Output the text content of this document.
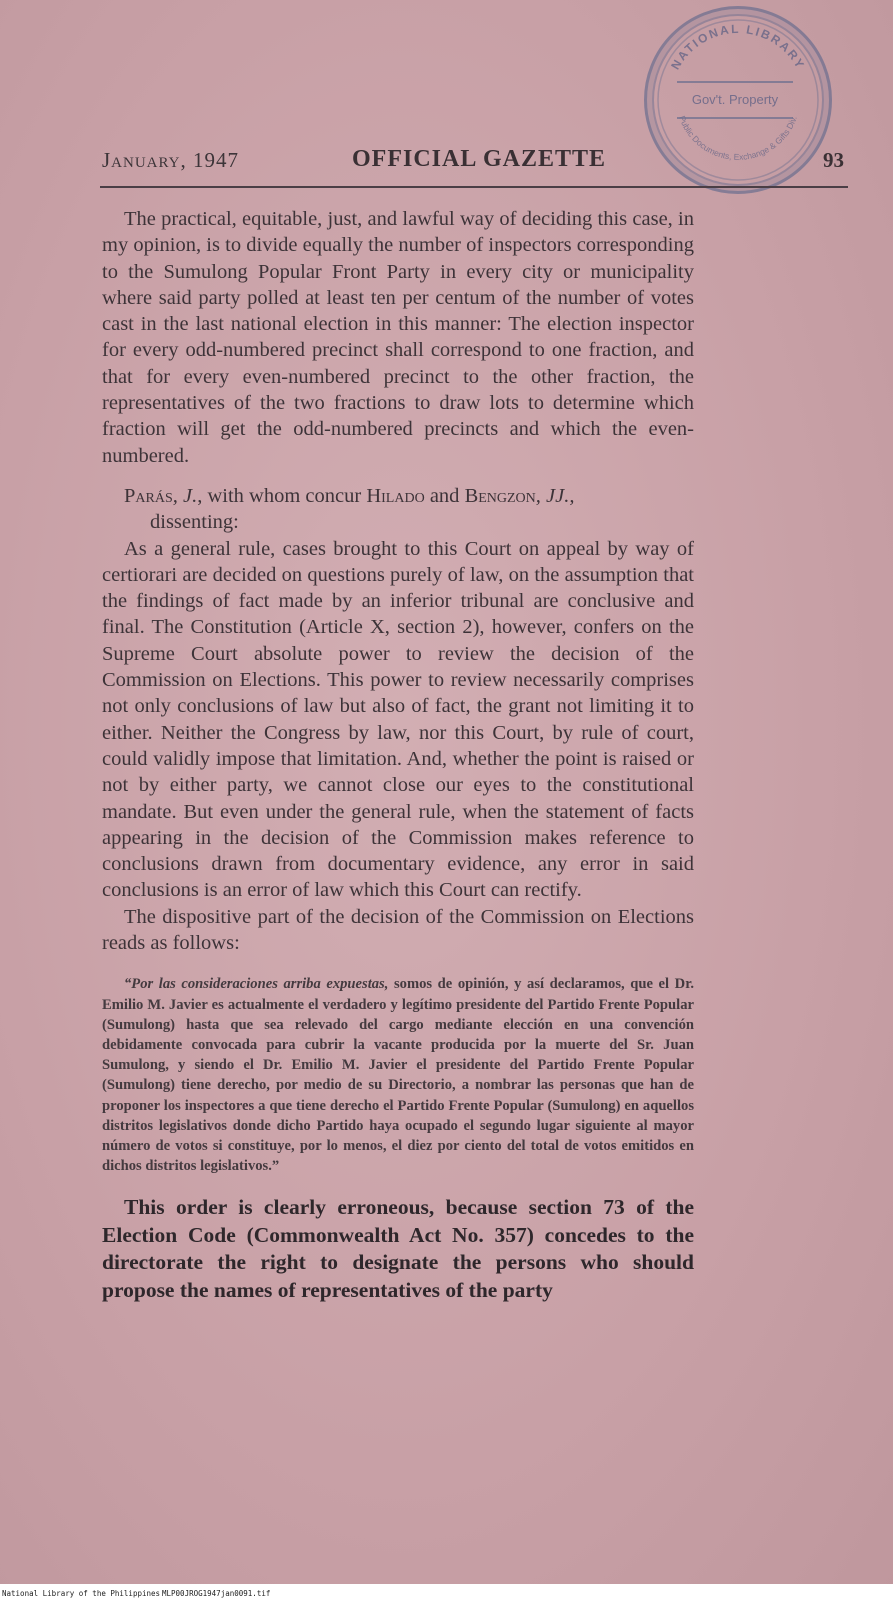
NATIONAL LIBRARY
Public Documents, Exchange & Gifts Div.
Gov't. Property
January, 1947	OFFICIAL GAZETTE	93

The practical, equitable, just, and lawful way of deciding this case, in my opinion, is to divide equally the number of inspectors corresponding to the Sumulong Popular Front Party in every city or municipality where said party polled at least ten per centum of the number of votes cast in the last national election in this manner: The election inspector for every odd-numbered precinct shall correspond to one fraction, and that for every even-numbered precinct to the other fraction, the representatives of the two fractions to draw lots to determine which fraction will get the odd-numbered precincts and which the even-numbered.

Parás, J., with whom concur Hilado and Bengzon, JJ.,
dissenting:

As a general rule, cases brought to this Court on appeal by way of certiorari are decided on questions purely of law, on the assumption that the findings of fact made by an inferior tribunal are conclusive and final. The Constitution (Article X, section 2), however, confers on the Supreme Court absolute power to review the decision of the Commission on Elections. This power to review necessarily comprises not only conclusions of law but also of fact, the grant not limiting it to either. Neither the Congress by law, nor this Court, by rule of court, could validly impose that limitation. And, whether the point is raised or not by either party, we cannot close our eyes to the constitutional mandate. But even under the general rule, when the statement of facts appearing in the decision of the Commission makes reference to conclusions drawn from documentary evidence, any error in said conclusions is an error of law which this Court can rectify.

The dispositive part of the decision of the Commission on Elections reads as follows:

“Por las consideraciones arriba expuestas, somos de opinión, y así declaramos, que el Dr. Emilio M. Javier es actualmente el verdadero y legítimo presidente del Partido Frente Popular (Sumulong) hasta que sea relevado del cargo mediante elección en una convención debidamente convocada para cubrir la vacante producida por la muerte del Sr. Juan Sumulong, y siendo el Dr. Emilio M. Javier el presidente del Partido Frente Popular (Sumulong) tiene derecho, por medio de su Directorio, a nombrar las personas que han de proponer los inspectores a que tiene derecho el Partido Frente Popular (Sumulong) en aquellos distritos legislativos donde dicho Partido haya ocupado el segundo lugar siguiente al mayor número de votos si constituye, por lo menos, el diez por ciento del total de votos emitidos en dichos distritos legislativos.”

This order is clearly erroneous, because section 73 of the Election Code (Commonwealth Act No. 357) concedes to the directorate the right to designate the persons who should propose the names of representatives of the party

National Library of the Philippines MLP00JROG1947jan0091.tif
